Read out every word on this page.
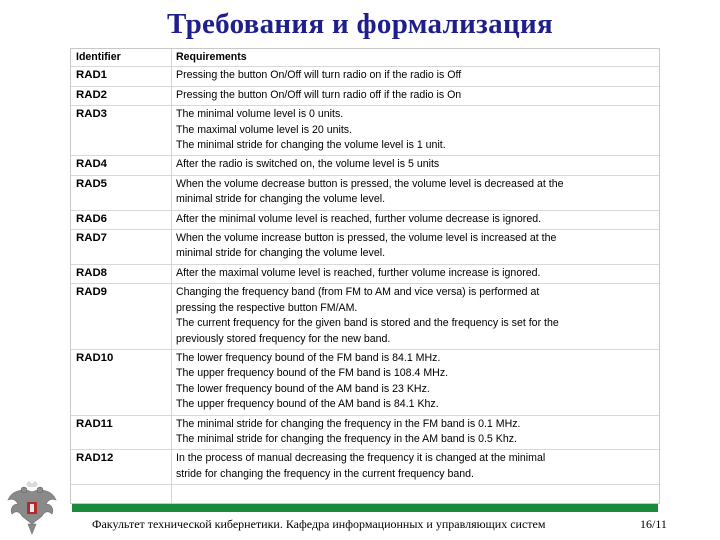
Требования и формализация
Identifier	Requirements
RAD1	Pressing the button On/Off will turn radio on if the radio is Off

RAD2	Pressing the button On/Off will turn radio off if the radio is On

RAD3	The minimal volume level is 0 units.
The maximal volume level is 20 units.
The minimal stride for changing the volume level is 1 unit.

RAD4	After the radio is switched on, the volume level is 5 units

RAD5	When the volume decrease button is pressed, the volume level is decreased at the
minimal stride for changing the volume level.

RAD6	After the minimal volume level is reached, further volume decrease is ignored.

RAD7	When the volume increase button is pressed, the volume level is increased at the
minimal stride for changing the volume level.

RAD8	After the maximal volume level is reached, further volume increase is ignored.

RAD9	Changing the frequency band (from FM to AM and vice versa) is performed at
pressing the respective button FM/AM.
The current frequency for the given band is stored and the frequency is set for the
previously stored frequency for the new band.

RAD10	The lower frequency bound of the FM band is 84.1 MHz.
The upper frequency bound of the FM band is 108.4 MHz.
The lower frequency bound of the AM band is 23 KHz.
The upper frequency bound of the AM band is 84.1 Khz.

RAD11	The minimal stride for changing the frequency in the FM band is 0.1 MHz.
The minimal stride for changing the frequency in the AM band is 0.5 Khz.

RAD12	In the process of manual decreasing the frequency it is changed at the minimal
stride for changing the frequency in the current frequency band.
Факультет технической кибернетики. Кафедра информационных и управляющих систем	16/11
